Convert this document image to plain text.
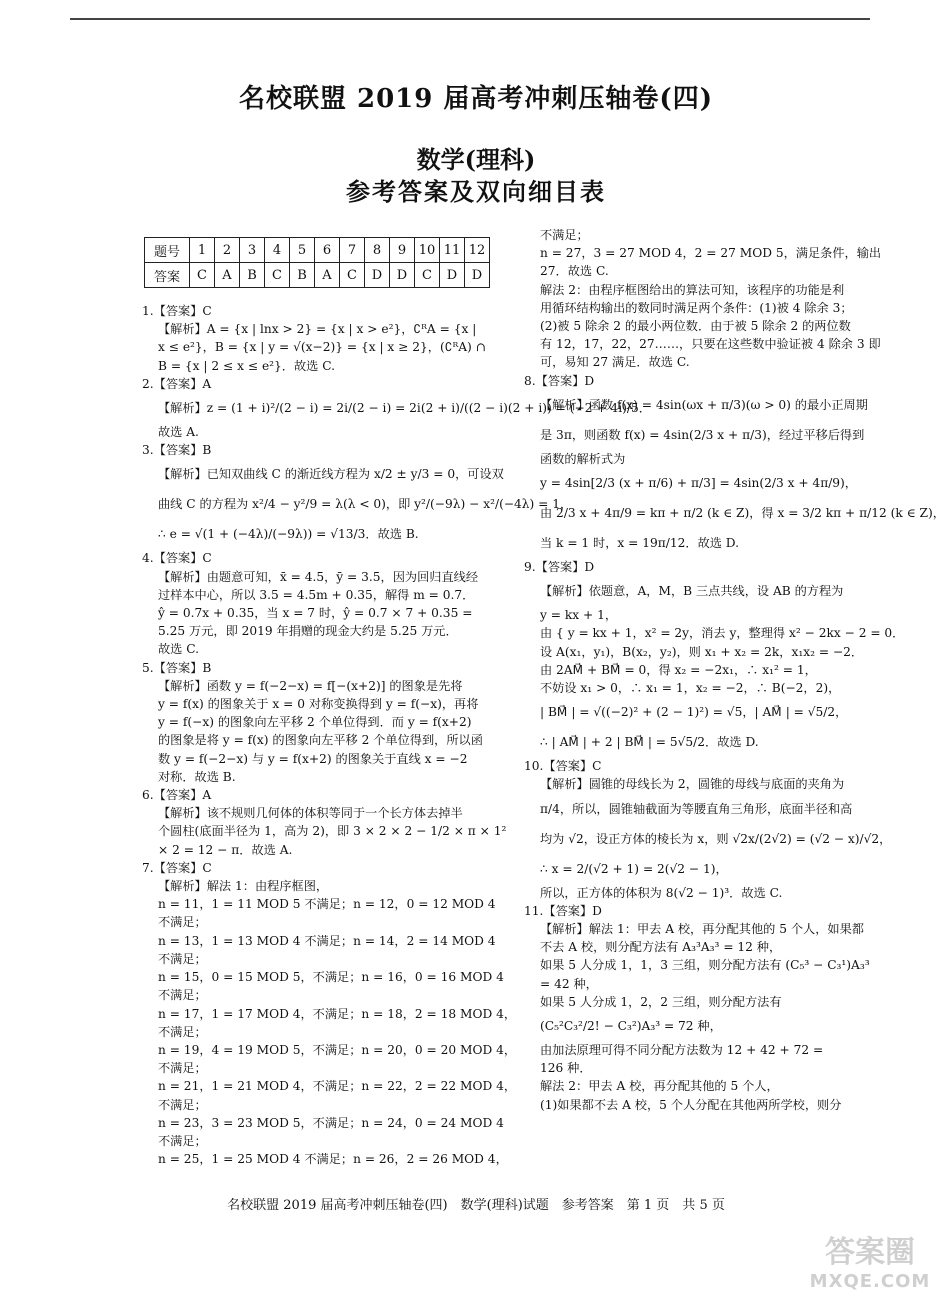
名校联盟 2019 届高考冲刺压轴卷(四)
数学(理科)
参考答案及双向细目表
题号	1	2	3	4	5	6	7	8	9	10	11	12
答案	C	A	B	C	B	A	C	D	D	C	D	D

1.【答案】C

【解析】A = {x | lnx > 2} = {x | x > e²}，∁ᴿA = {x |

x ≤ e²}，B = {x | y = √(x−2)} = {x | x ≥ 2}，(∁ᴿA) ∩

B = {x | 2 ≤ x ≤ e²}．故选 C.

2.【答案】A

【解析】z = (1 + i)²/(2 − i) = 2i/(2 − i) = 2i(2 + i)/((2 − i)(2 + i)) = (−2 + 4i)/5．

故选 A.

3.【答案】B

【解析】已知双曲线 C 的渐近线方程为 x/2 ± y/3 = 0，可设双

曲线 C 的方程为 x²/4 − y²/9 = λ(λ < 0)，即 y²/(−9λ) − x²/(−4λ) = 1，

∴ e = √(1 + (−4λ)/(−9λ)) = √13/3．故选 B.

4.【答案】C

【解析】由题意可知，x̄ = 4.5，ȳ = 3.5，因为回归直线经

过样本中心，所以 3.5 = 4.5m + 0.35，解得 m = 0.7．

ŷ = 0.7x + 0.35，当 x = 7 时，ŷ = 0.7 × 7 + 0.35 =

5.25 万元，即 2019 年捐赠的现金大约是 5.25 万元．

故选 C.

5.【答案】B

【解析】函数 y = f(−2−x) = f[−(x+2)] 的图象是先将

y = f(x) 的图象关于 x = 0 对称变换得到 y = f(−x)，再将

y = f(−x) 的图象向左平移 2 个单位得到．而 y = f(x+2)

的图象是将 y = f(x) 的图象向左平移 2 个单位得到，所以函

数 y = f(−2−x) 与 y = f(x+2) 的图象关于直线 x = −2

对称．故选 B.

6.【答案】A

【解析】该不规则几何体的体积等同于一个长方体去掉半

个圆柱(底面半径为 1，高为 2)，即 3 × 2 × 2 − 1/2 × π × 1²

× 2 = 12 − π．故选 A.

7.【答案】C

【解析】解法 1：由程序框图，

n = 11，1 = 11 MOD 5 不满足；n = 12，0 = 12 MOD 4

不满足；

n = 13，1 = 13 MOD 4 不满足；n = 14，2 = 14 MOD 4

不满足；

n = 15，0 = 15 MOD 5，不满足；n = 16，0 = 16 MOD 4

不满足；

n = 17，1 = 17 MOD 4，不满足；n = 18，2 = 18 MOD 4，

不满足；

n = 19，4 = 19 MOD 5，不满足；n = 20，0 = 20 MOD 4，

不满足；

n = 21，1 = 21 MOD 4，不满足；n = 22，2 = 22 MOD 4，

不满足；

n = 23，3 = 23 MOD 5，不满足；n = 24，0 = 24 MOD 4

不满足；

n = 25，1 = 25 MOD 4 不满足；n = 26，2 = 26 MOD 4，

不满足；

n = 27，3 = 27 MOD 4，2 = 27 MOD 5，满足条件，输出

27．故选 C.

解法 2：由程序框图给出的算法可知，该程序的功能是利

用循环结构输出的数同时满足两个条件：(1)被 4 除余 3；

(2)被 5 除余 2 的最小两位数．由于被 5 除余 2 的两位数

有 12，17，22，27……，只要在这些数中验证被 4 除余 3 即

可，易知 27 满足．故选 C.

8.【答案】D

【解析】函数 f(x) = 4sin(ωx + π/3)(ω > 0) 的最小正周期

是 3π，则函数 f(x) = 4sin(2/3 x + π/3)，经过平移后得到

函数的解析式为

y = 4sin[2/3 (x + π/6) + π/3] = 4sin(2/3 x + 4π/9)，

由 2/3 x + 4π/9 = kπ + π/2 (k ∈ Z)，得 x = 3/2 kπ + π/12 (k ∈ Z)，

当 k = 1 时，x = 19π/12．故选 D.

9.【答案】D

【解析】依题意，A，M，B 三点共线，设 AB 的方程为

y = kx + 1，

由 { y = kx + 1，x² = 2y，消去 y，整理得 x² − 2kx − 2 = 0．

设 A(x₁，y₁)，B(x₂，y₂)，则 x₁ + x₂ = 2k，x₁x₂ = −2．

由 2AM⃗ + BM⃗ = 0，得 x₂ = −2x₁，∴ x₁² = 1，

不妨设 x₁ > 0，∴ x₁ = 1，x₂ = −2，∴ B(−2，2)，

| BM⃗ | = √((−2)² + (2 − 1)²) = √5，| AM⃗ | = √5/2，

∴ | AM⃗ | + 2 | BM⃗ | = 5√5/2．故选 D.

10.【答案】C

【解析】圆锥的母线长为 2，圆锥的母线与底面的夹角为

π/4，所以，圆锥轴截面为等腰直角三角形，底面半径和高

均为 √2，设正方体的棱长为 x，则 √2x/(2√2) = (√2 − x)/√2，

∴ x = 2/(√2 + 1) = 2(√2 − 1)，

所以，正方体的体积为 8(√2 − 1)³．故选 C.

11.【答案】D

【解析】解法 1：甲去 A 校，再分配其他的 5 个人，如果都

不去 A 校，则分配方法有 A₃³A₃³ = 12 种，

如果 5 人分成 1，1，3 三组，则分配方法有 (C₅³ − C₃¹)A₃³

= 42 种，

如果 5 人分成 1，2，2 三组，则分配方法有

(C₅²C₃²/2! − C₃²)A₃³ = 72 种，

由加法原理可得不同分配方法数为 12 + 42 + 72 =

126 种．

解法 2：甲去 A 校，再分配其他的 5 个人，

(1)如果都不去 A 校，5 个人分配在其他两所学校，则分

名校联盟 2019 届高考冲刺压轴卷(四)　数学(理科)试题　参考答案　第 1 页　共 5 页
答案圈
MXQE.COM
